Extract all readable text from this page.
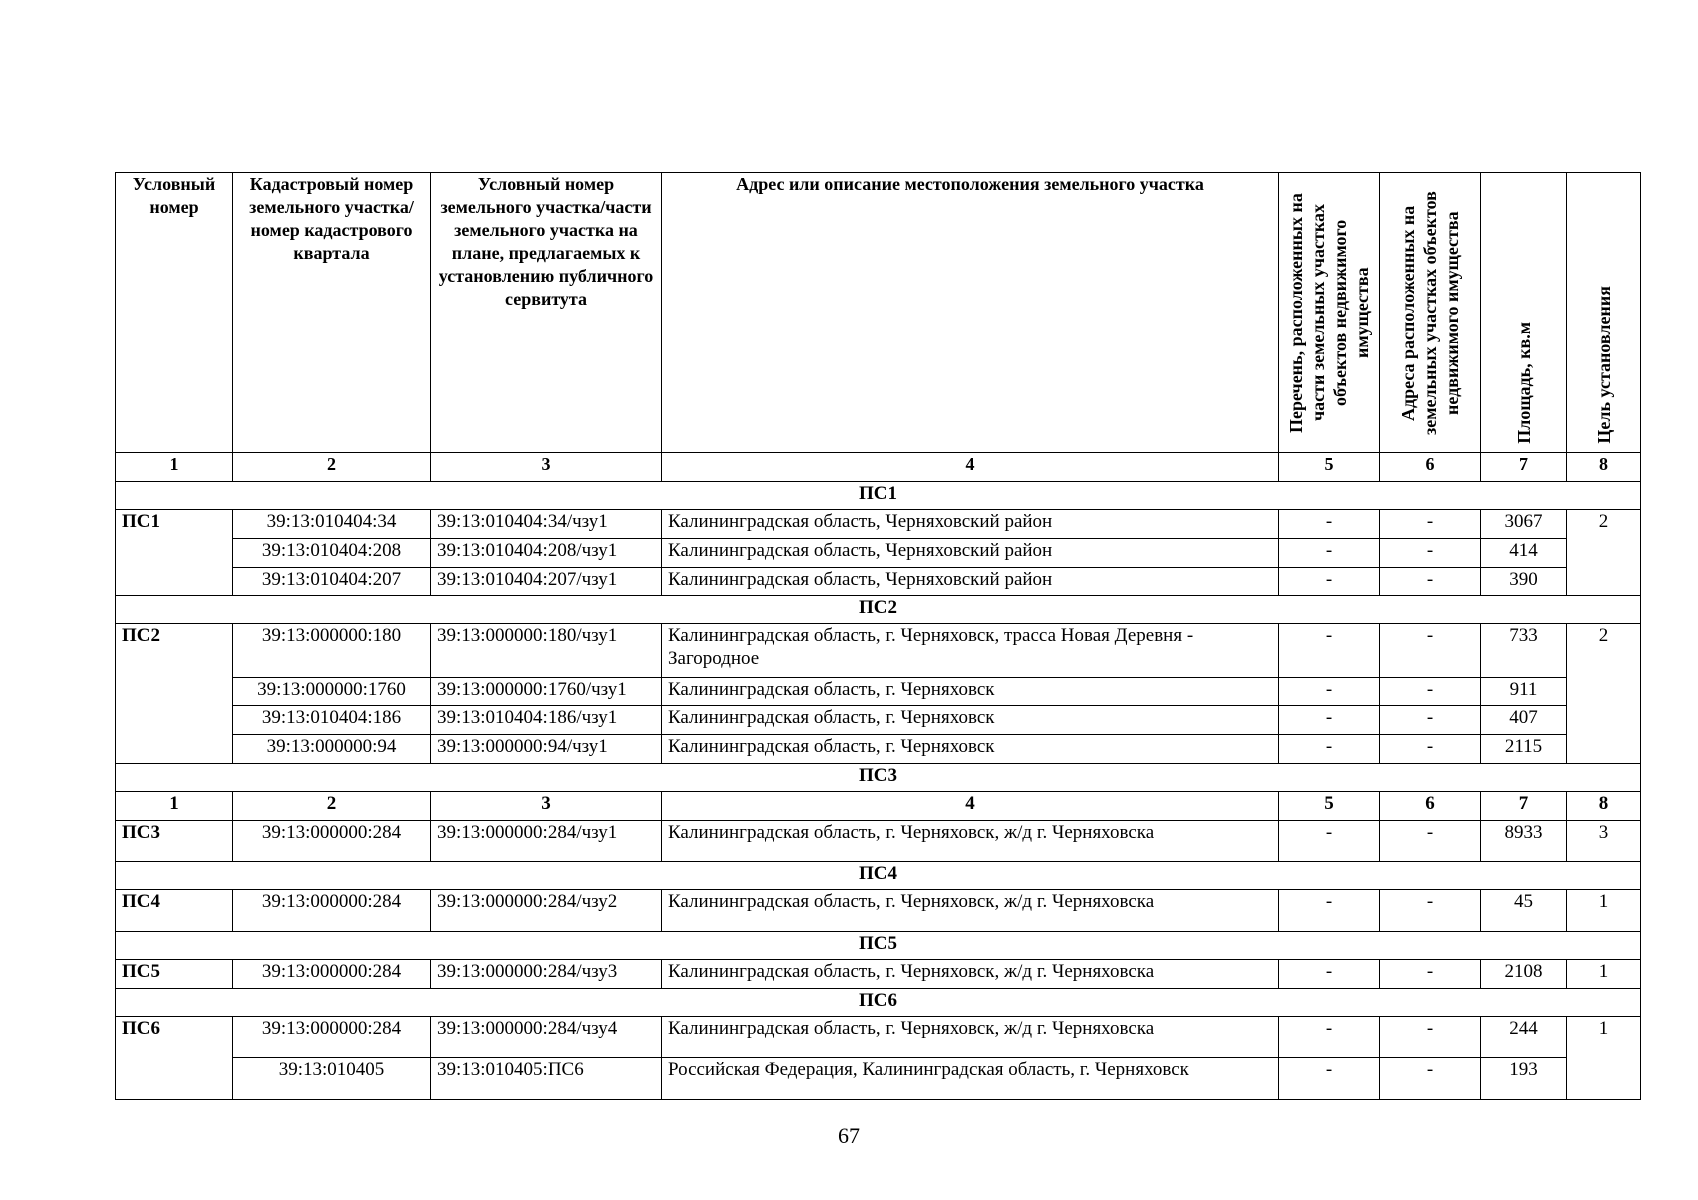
Условный номер	Кадастровый номер земельного участка/номер кадастрового квартала	Условный номер земельного участка/части земельного участка на плане, предлагаемых к установлению публичного сервитута	Адрес или описание местоположения земельного участка	Перечень, расположенных на части земельных участках объектов недвижимого имущества	Адреса расположенных на земельных участках объектов недвижимого имущества	Площадь, кв.м	Цель установления

1	2	3	4	5	6	7	8
ПС1							
ПС1	39:13:010404:34	39:13:010404:34/чзу1	Калининградская область, Черняховский район	-	-	3067	2
	39:13:010404:208	39:13:010404:208/чзу1	Калининградская область, Черняховский район	-	-	414	
	39:13:010404:207	39:13:010404:207/чзу1	Калининградская область, Черняховский район	-	-	390	
ПС2							
ПС2	39:13:000000:180	39:13:000000:180/чзу1	Калининградская область, г. Черняховск, трасса Новая Деревня - Загородное	-	-	733	2
	39:13:000000:1760	39:13:000000:1760/чзу1	Калининградская область, г. Черняховск	-	-	911	
	39:13:010404:186	39:13:010404:186/чзу1	Калининградская область, г. Черняховск	-	-	407	
	39:13:000000:94	39:13:000000:94/чзу1	Калининградская область, г. Черняховск	-	-	2115	
ПС3							
1	2	3	4	5	6	7	8
ПС3	39:13:000000:284	39:13:000000:284/чзу1	Калининградская область, г. Черняховск, ж/д г. Черняховска	-	-	8933	3
ПС4							
ПС4	39:13:000000:284	39:13:000000:284/чзу2	Калининградская область, г. Черняховск, ж/д г. Черняховска	-	-	45	1
ПС5							
ПС5	39:13:000000:284	39:13:000000:284/чзу3	Калининградская область, г. Черняховск, ж/д г. Черняховска	-	-	2108	1
ПС6							
ПС6	39:13:000000:284	39:13:000000:284/чзу4	Калининградская область, г. Черняховск, ж/д г. Черняховска	-	-	244	1
	39:13:010405	39:13:010405:ПС6	Российская Федерация, Калининградская область, г. Черняховск	-	-	193	
67
